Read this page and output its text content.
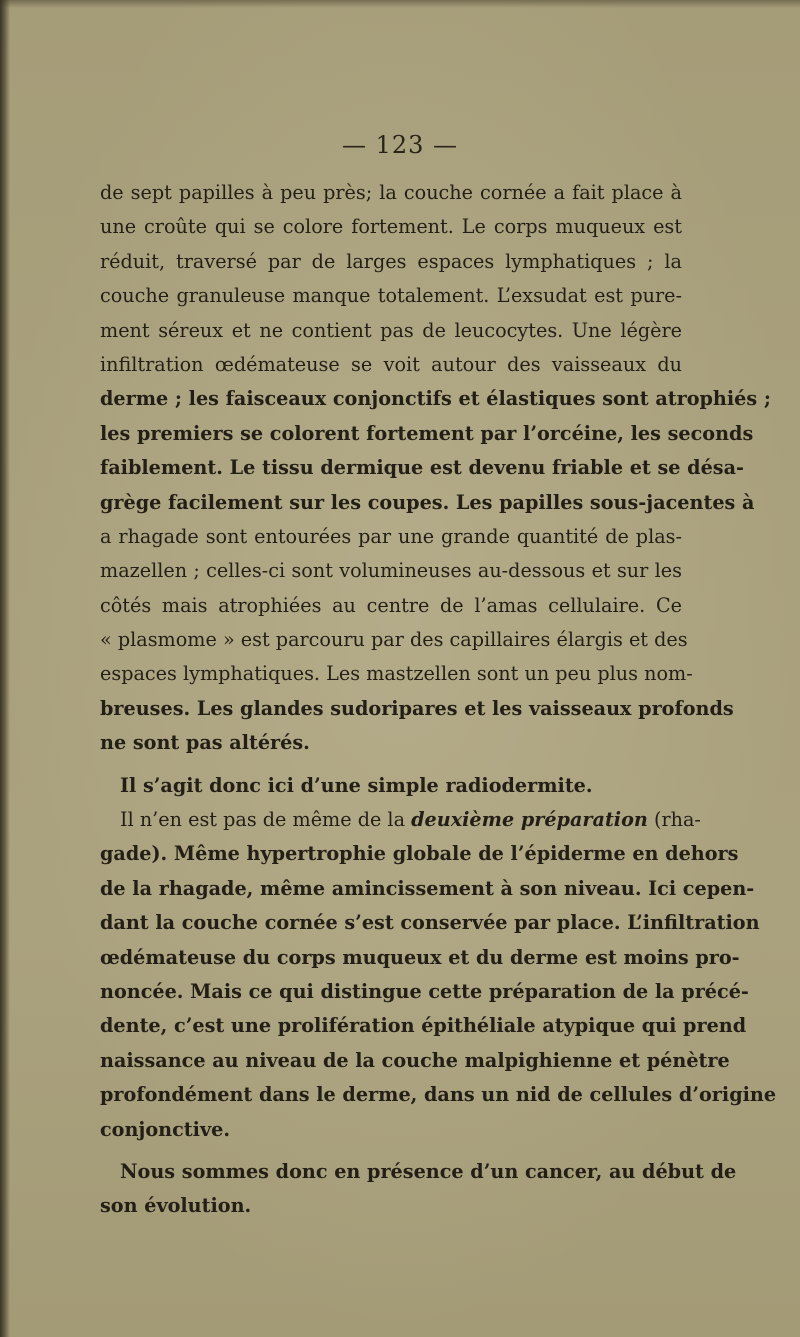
— 123 —
de sept papilles à peu près; la couche cornée a fait place à
une croûte qui se colore fortement. Le corps muqueux est
réduit, traversé par de larges espaces lymphatiques ; la
couche granuleuse manque totalement. L’exsudat est pure-
ment séreux et ne contient pas de leucocytes. Une légère
infiltration œdémateuse se voit autour des vaisseaux du
derme ; les faisceaux conjonctifs et élastiques sont atrophiés ;
les premiers se colorent fortement par l’orcéine, les seconds
faiblement. Le tissu dermique est devenu friable et se désa-
grège facilement sur les coupes. Les papilles sous-jacentes à
a rhagade sont entourées par une grande quantité de plas-
mazellen ; celles-ci sont volumineuses au-dessous et sur les
côtés mais atrophiées au centre de l’amas cellulaire. Ce
« plasmome » est parcouru par des capillaires élargis et des
espaces lymphatiques. Les mastzellen sont un peu plus nom-
breuses. Les glandes sudoripares et les vaisseaux profonds
ne sont pas altérés.
Il s’agit donc ici d’une simple radiodermite.
Il n’en est pas de même de la deuxième préparation (rha-
gade). Même hypertrophie globale de l’épiderme en dehors
de la rhagade, même amincissement à son niveau. Ici cepen-
dant la couche cornée s’est conservée par place. L’infiltration
œdémateuse du corps muqueux et du derme est moins pro-
noncée. Mais ce qui distingue cette préparation de la précé-
dente, c’est une prolifération épithéliale atypique qui prend
naissance au niveau de la couche malpighienne et pénètre
profondément dans le derme, dans un nid de cellules d’origine
conjonctive.
Nous sommes donc en présence d’un cancer, au début de
son évolution.
